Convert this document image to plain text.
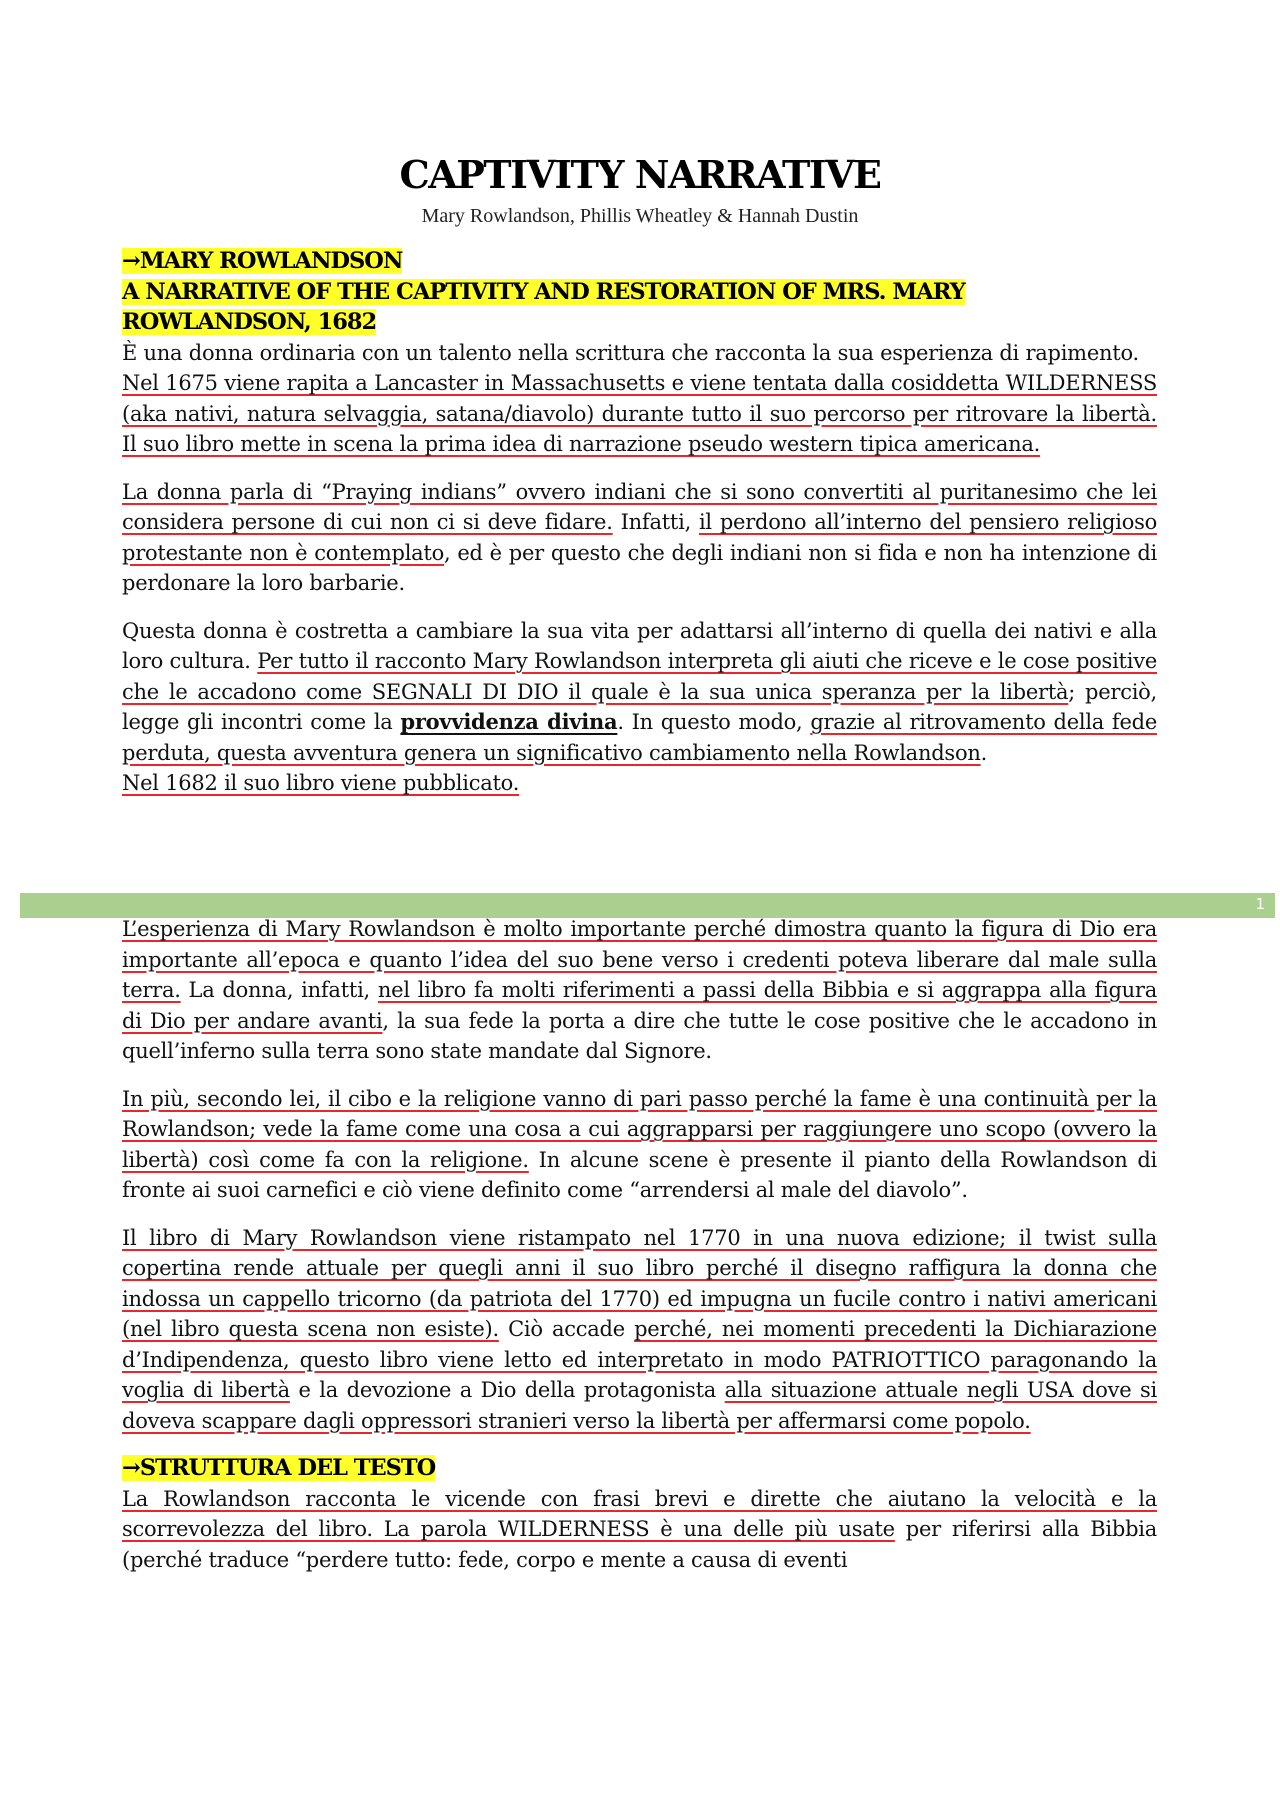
CAPTIVITY NARRATIVE
Mary Rowlandson, Phillis Wheatley & Hannah Dustin
→MARY ROWLANDSON
A NARRATIVE OF THE CAPTIVITY AND RESTORATION OF MRS. MARY ROWLANDSON, 1682

È una donna ordinaria con un talento nella scrittura che racconta la sua esperienza di rapimento.

Nel 1675 viene rapita a Lancaster in Massachusetts e viene tentata dalla cosiddetta WILDERNESS (aka nativi, natura selvaggia, satana/diavolo) durante tutto il suo percorso per ritrovare la libertà. Il suo libro mette in scena la prima idea di narrazione pseudo western tipica americana.

La donna parla di “Praying indians” ovvero indiani che si sono convertiti al puritanesimo che lei considera persone di cui non ci si deve fidare. Infatti, il perdono all’interno del pensiero religioso protestante non è contemplato, ed è per questo che degli indiani non si fida e non ha intenzione di perdonare la loro barbarie.

Questa donna è costretta a cambiare la sua vita per adattarsi all’interno di quella dei nativi e alla loro cultura. Per tutto il racconto Mary Rowlandson interpreta gli aiuti che riceve e le cose positive che le accadono come SEGNALI DI DIO il quale è la sua unica speranza per la libertà; perciò, legge gli incontri come la provvidenza divina. In questo modo, grazie al ritrovamento della fede perduta, questa avventura genera un significativo cambiamento nella Rowlandson.

Nel 1682 il suo libro viene pubblicato.

1

L’esperienza di Mary Rowlandson è molto importante perché dimostra quanto la figura di Dio era importante all’epoca e quanto l’idea del suo bene verso i credenti poteva liberare dal male sulla terra. La donna, infatti, nel libro fa molti riferimenti a passi della Bibbia e si aggrappa alla figura di Dio per andare avanti, la sua fede la porta a dire che tutte le cose positive che le accadono in quell’inferno sulla terra sono state mandate dal Signore.

In più, secondo lei, il cibo e la religione vanno di pari passo perché la fame è una continuità per la Rowlandson; vede la fame come una cosa a cui aggrapparsi per raggiungere uno scopo (ovvero la libertà) così come fa con la religione. In alcune scene è presente il pianto della Rowlandson di fronte ai suoi carnefici e ciò viene definito come “arrendersi al male del diavolo”.

Il libro di Mary Rowlandson viene ristampato nel 1770 in una nuova edizione; il twist sulla copertina rende attuale per quegli anni il suo libro perché il disegno raffigura la donna che indossa un cappello tricorno (da patriota del 1770) ed impugna un fucile contro i nativi americani (nel libro questa scena non esiste). Ciò accade perché, nei momenti precedenti la Dichiarazione d’Indipendenza, questo libro viene letto ed interpretato in modo PATRIOTTICO paragonando la voglia di libertà e la devozione a Dio della protagonista alla situazione attuale negli USA dove si doveva scappare dagli oppressori stranieri verso la libertà per affermarsi come popolo.

→STRUTTURA DEL TESTO

La Rowlandson racconta le vicende con frasi brevi e dirette che aiutano la velocità e la scorrevolezza del libro. La parola WILDERNESS è una delle più usate per riferirsi alla Bibbia (perché traduce “perdere tutto: fede, corpo e mente a causa di eventi
